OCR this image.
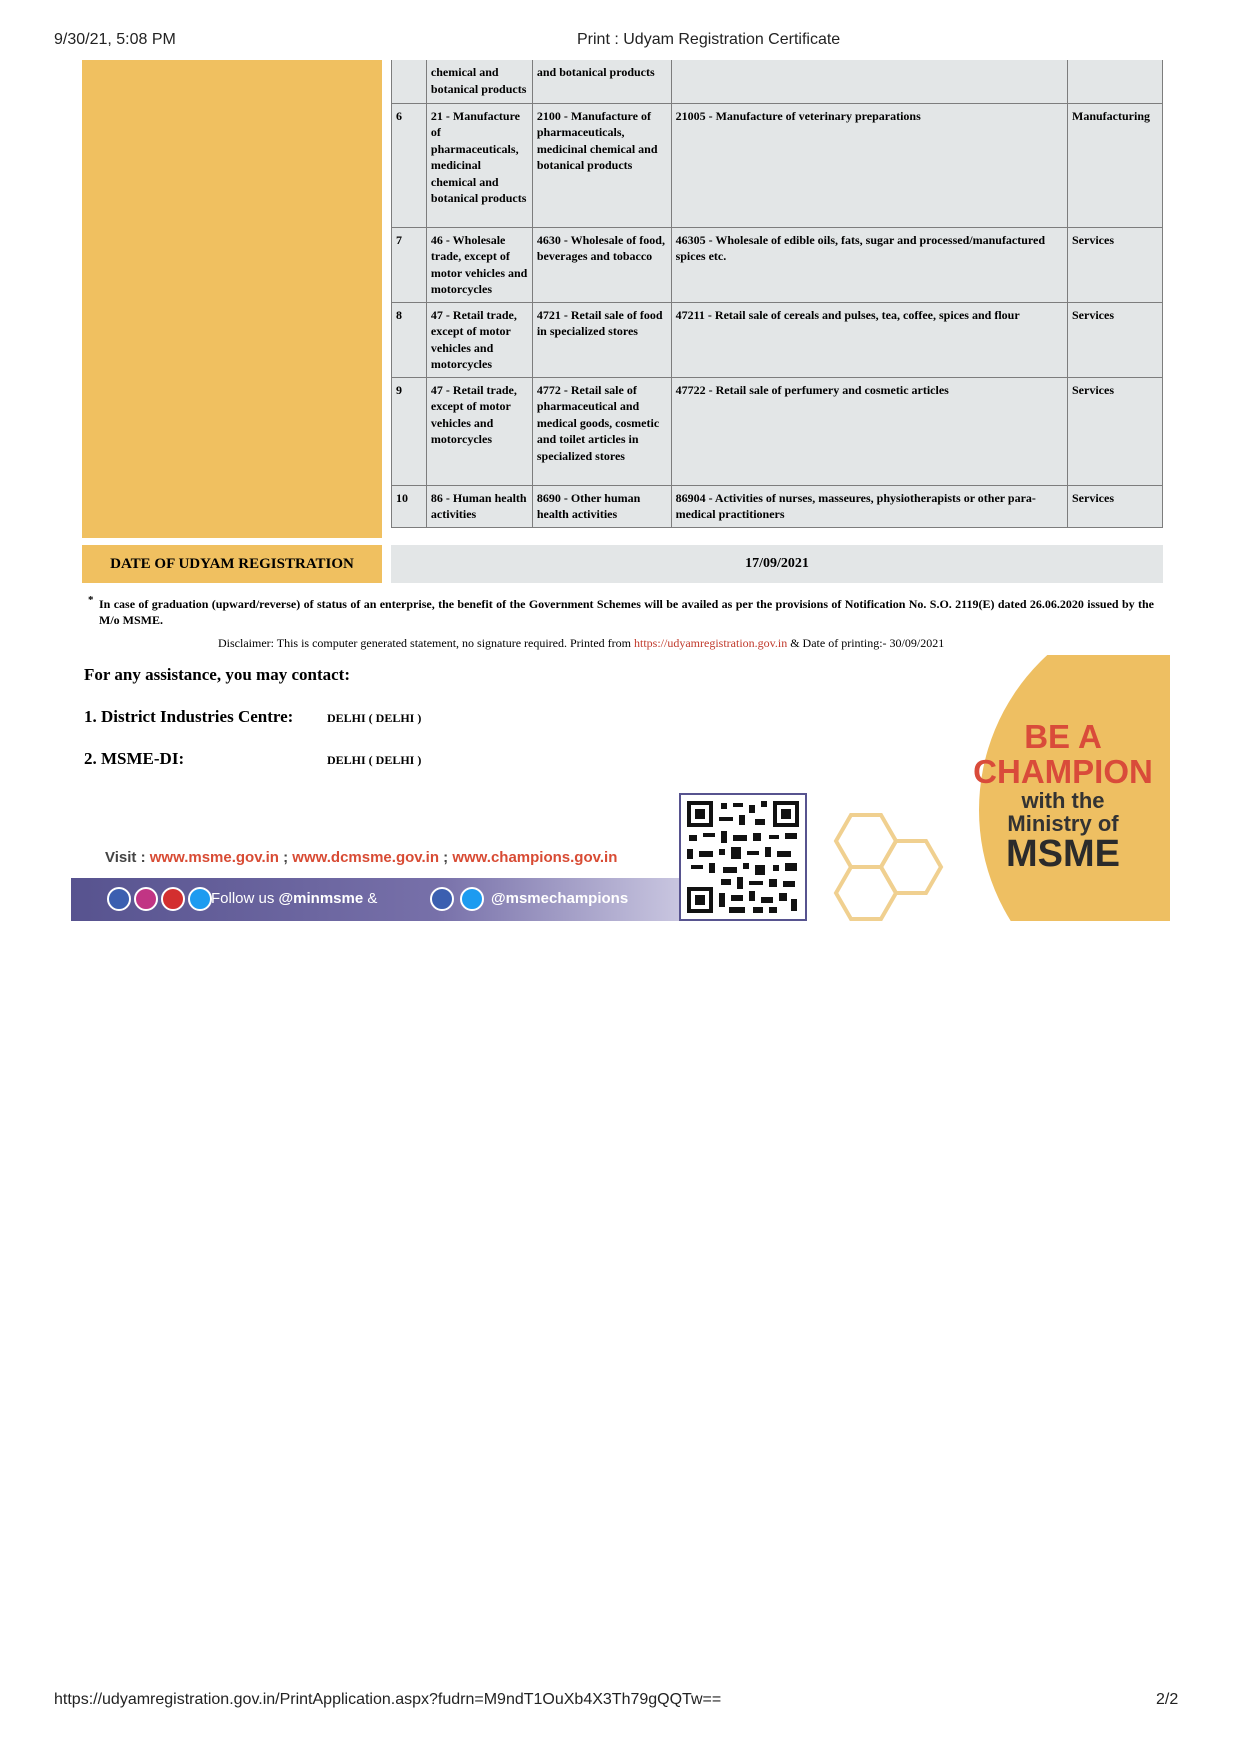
9/30/21, 5:08 PM	Print : Udyam Registration Certificate
	chemical and botanical products	and botanical products		
6	21 - Manufacture of pharmaceuticals, medicinal chemical and botanical products	2100 - Manufacture of pharmaceuticals, medicinal chemical and botanical products	21005 - Manufacture of veterinary preparations	Manufacturing
7	46 - Wholesale trade, except of motor vehicles and motorcycles	4630 - Wholesale of food, beverages and tobacco	46305 - Wholesale of edible oils, fats, sugar and processed/manufactured spices etc.	Services
8	47 - Retail trade, except of motor vehicles and motorcycles	4721 - Retail sale of food in specialized stores	47211 - Retail sale of cereals and pulses, tea, coffee, spices and flour	Services
9	47 - Retail trade, except of motor vehicles and motorcycles	4772 - Retail sale of pharmaceutical and medical goods, cosmetic and toilet articles in specialized stores	47722 - Retail sale of perfumery and cosmetic articles	Services
10	86 - Human health activities	8690 - Other human health activities	86904 - Activities of nurses, masseures, physiotherapists or other para-medical practitioners	Services
DATE OF UDYAM REGISTRATION	17/09/2021
* In case of graduation (upward/reverse) of status of an enterprise, the benefit of the Government Schemes will be availed as per the provisions of Notification No. S.O. 2119(E) dated 26.06.2020 issued by the M/o MSME.
Disclaimer: This is computer generated statement, no signature required. Printed from https://udyamregistration.gov.in & Date of printing:- 30/09/2021
BE A
CHAMPION
with the
Ministry of
MSME
Visit : www.msme.gov.in ; www.dcmsme.gov.in ; www.champions.gov.in
Follow us @minmsme &	@msmechampions
For any assistance, you may contact:
1. District Industries Centre:	DELHI ( DELHI )
2. MSME-DI:	DELHI ( DELHI )
https://udyamregistration.gov.in/PrintApplication.aspx?fudrn=M9ndT1OuXb4X3Th79gQQTw==	2/2
